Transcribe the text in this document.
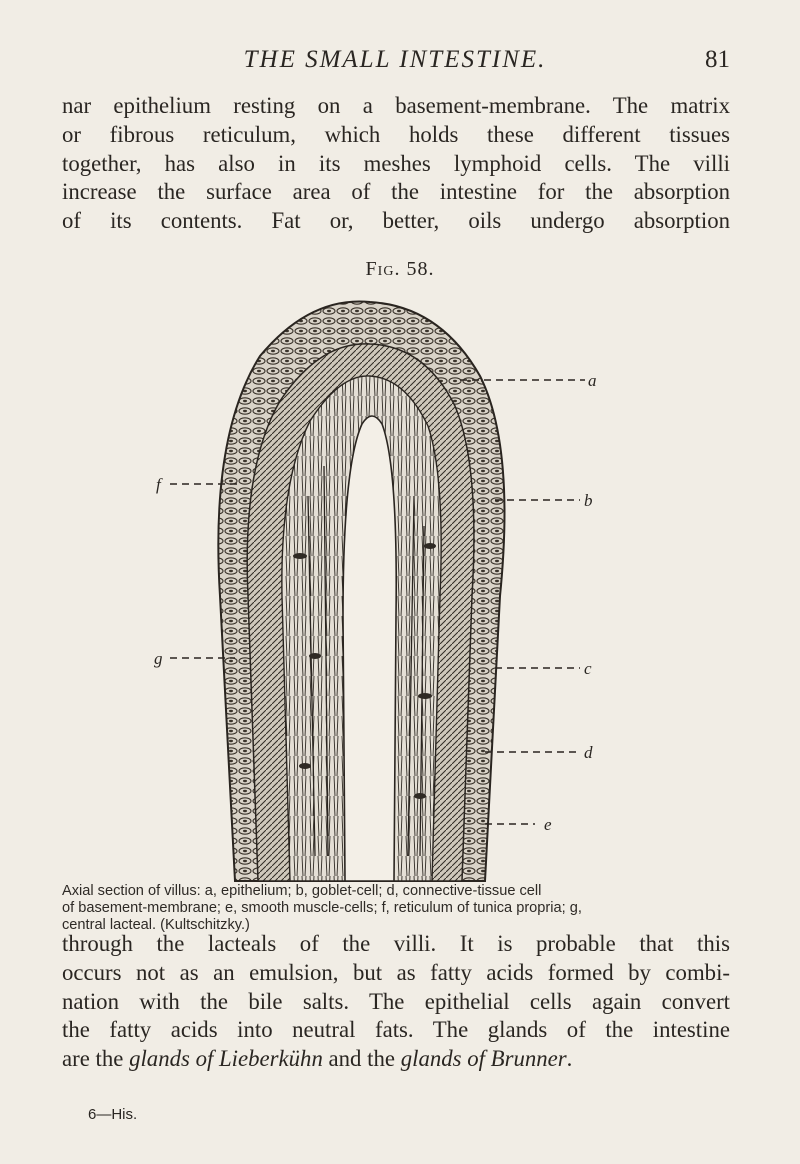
THE SMALL INTESTINE.	81
nar epithelium resting on a basement-membrane. The matrix
or fibrous reticulum, which holds these different tissues
together, has also in its meshes lymphoid cells. The villi
increase the surface area of the intestine for the absorption
of its contents. Fat or, better, oils undergo absorption
Fig. 58.
a
b
c
d
e
f
g
Axial section of villus: a, epithelium; b, goblet-cell; d, connective-tissue cell
of basement-membrane; e, smooth muscle-cells; f, reticulum of tunica propria; g,
central lacteal. (Kultschitzky.)
through the lacteals of the villi. It is probable that this
occurs not as an emulsion, but as fatty acids formed by combi-
nation with the bile salts. The epithelial cells again convert
the fatty acids into neutral fats. The glands of the intestine
are the glands of Lieberkühn and the glands of Brunner.
6—His.
